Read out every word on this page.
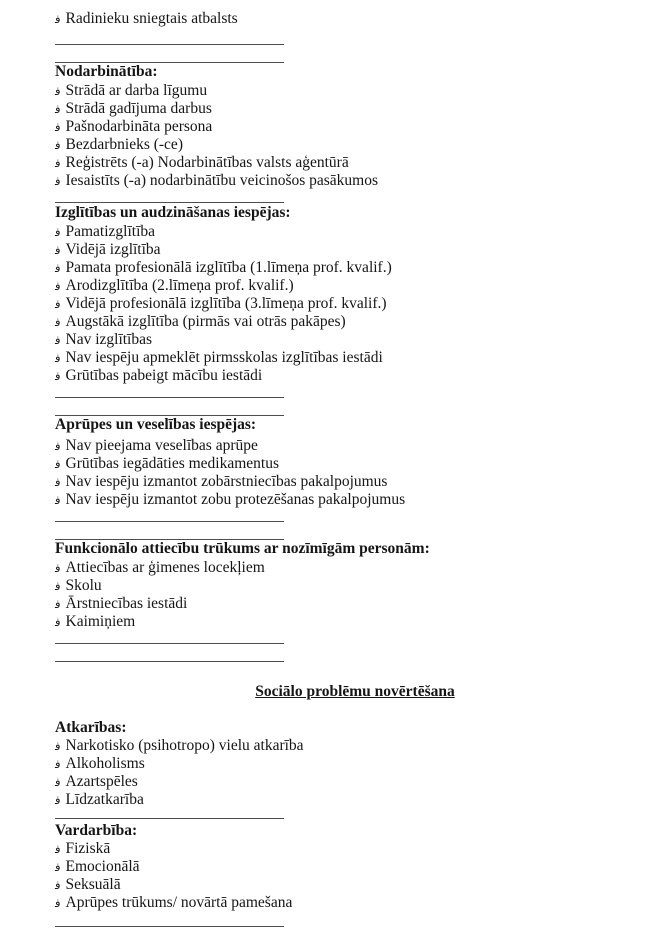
ﻓ Radinieku sniegtais atbalsts
Nodarbinātība:
ﻓ Strādā ar darba līgumu
ﻓ Strādā gadījuma darbus
ﻓ Pašnodarbināta persona
ﻓ Bezdarbnieks (-ce)
ﻓ Reģistrēts (-a) Nodarbinātības valsts aģentūrā
ﻓ Iesaistīts (-a) nodarbinātību veicinošos pasākumos
Izglītības un audzināšanas iespējas:
ﻓ Pamatizglītība
ﻓ Vidējā izglītība
ﻓ Pamata profesionālā izglītība (1.līmeņa prof. kvalif.)
ﻓ Arodizglītība (2.līmeņa prof. kvalif.)
ﻓ Vidējā profesionālā izglītība (3.līmeņa prof. kvalif.)
ﻓ Augstākā izglītība (pirmās vai otrās pakāpes)
ﻓ Nav izglītības
ﻓ Nav iespēju apmeklēt pirmsskolas izglītības iestādi
ﻓ Grūtības pabeigt mācību iestādi
Aprūpes un veselības iespējas:
ﻓ Nav pieejama veselības aprūpe
ﻓ Grūtības iegādāties medikamentus
ﻓ Nav iespēju izmantot zobārstniecības pakalpojumus
ﻓ Nav iespēju izmantot zobu protezēšanas pakalpojumus
Funkcionālo attiecību trūkums ar nozīmīgām personām:
ﻓ Attiecības ar ģimenes locekļiem
ﻓ Skolu
ﻓ Ārstniecības iestādi
ﻓ Kaimiņiem
Sociālo problēmu novērtēšana
Atkarības:
ﻓ Narkotisko (psihotropo) vielu atkarība
ﻓ Alkoholisms
ﻓ Azartspēles
ﻓ Līdzatkarība
Vardarbība:
ﻓ Fiziskā
ﻓ Emocionālā
ﻓ Seksuālā
ﻓ Aprūpes trūkums/ novārtā pamešana
